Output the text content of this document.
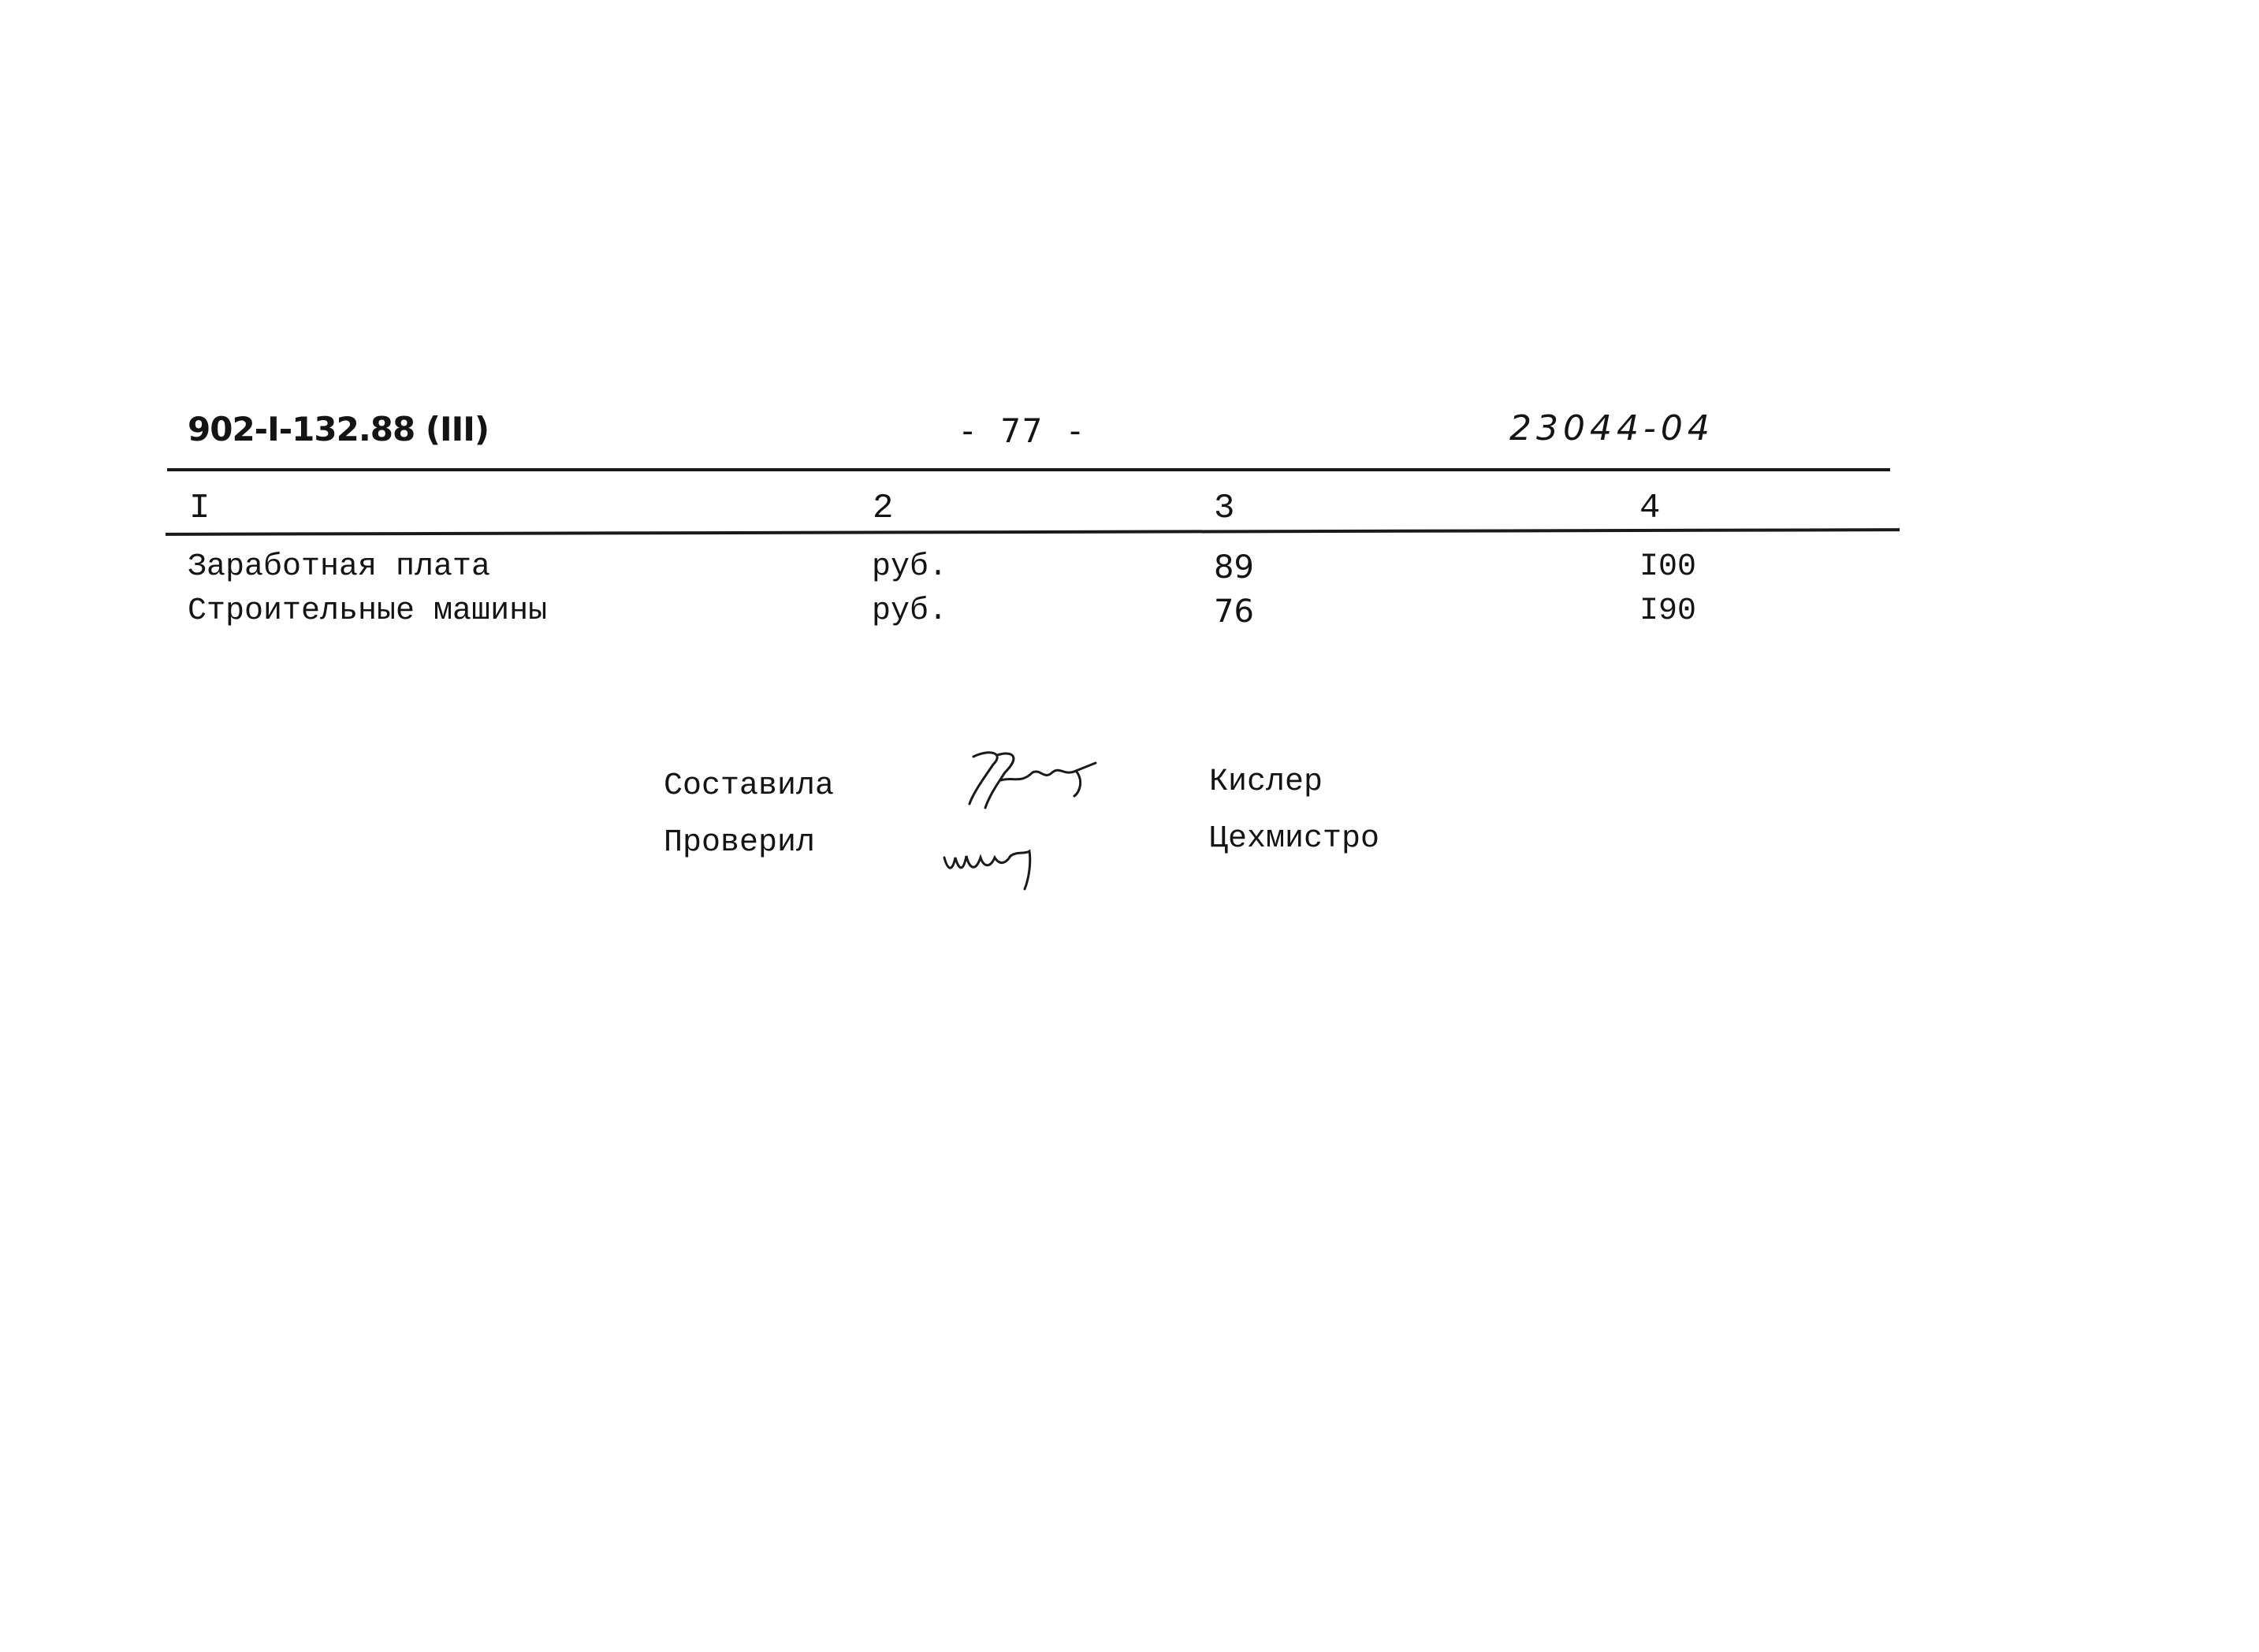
902-I-132.88 (III)	- 77 -	23044-04
I	2	3	4
Заработная плата	руб.	89	I00
Строительные машины	руб.	76	I90
Составила	Кислер
Проверил	Цехмистро
